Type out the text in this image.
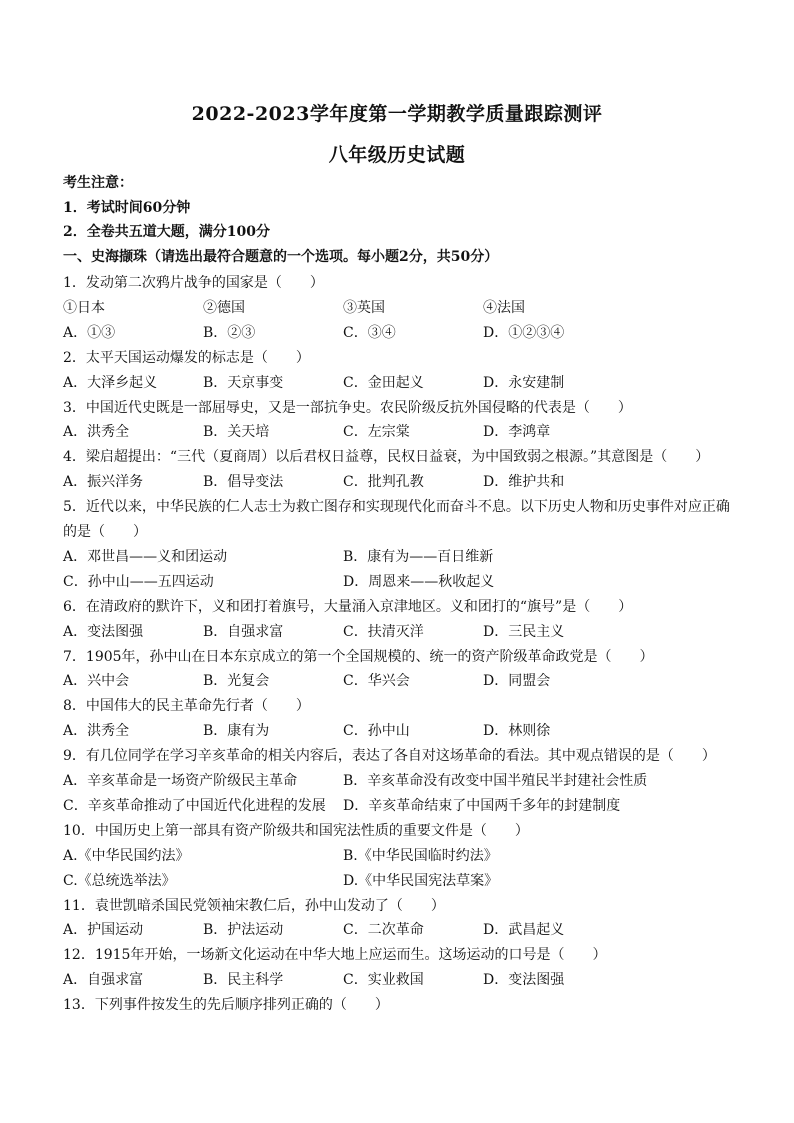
2022-2023学年度第一学期教学质量跟踪测评
八年级历史试题
考生注意：
1．考试时间60分钟
2．全卷共五道大题，满分100分
一、史海撷珠（请选出最符合题意的一个选项。每小题2分，共50分）
1．发动第二次鸦片战争的国家是（　　）
①日本	②德国	③英国	④法国
A．①③	B．②③	C．③④	D．①②③④
2．太平天国运动爆发的标志是（　　）
A．大泽乡起义	B．天京事变	C．金田起义	D．永安建制
3．中国近代史既是一部屈辱史，又是一部抗争史。农民阶级反抗外国侵略的代表是（　　）
A．洪秀全	B．关天培	C．左宗棠	D．李鸿章
4．梁启超提出：“三代（夏商周）以后君权日益尊，民权日益衰，为中国致弱之根源。”其意图是（　　）
A．振兴洋务	B．倡导变法	C．批判孔教	D．维护共和
5．近代以来，中华民族的仁人志士为救亡图存和实现现代化而奋斗不息。以下历史人物和历史事件对应正确
的是（　　）
A．邓世昌——义和团运动	B．康有为——百日维新
C．孙中山——五四运动	D．周恩来——秋收起义
6．在清政府的默许下，义和团打着旗号，大量涌入京津地区。义和团打的“旗号”是（　　）
A．变法图强	B．自强求富	C．扶清灭洋	D．三民主义
7．1905年，孙中山在日本东京成立的第一个全国规模的、统一的资产阶级革命政党是（　　）
A．兴中会	B．光复会	C．华兴会	D．同盟会
8．中国伟大的民主革命先行者（　　）
A．洪秀全	B．康有为	C．孙中山	D．林则徐
9．有几位同学在学习辛亥革命的相关内容后，表达了各自对这场革命的看法。其中观点错误的是（　　）
A．辛亥革命是一场资产阶级民主革命	B．辛亥革命没有改变中国半殖民半封建社会性质
C．辛亥革命推动了中国近代化进程的发展 D．辛亥革命结束了中国两千多年的封建制度
10．中国历史上第一部具有资产阶级共和国宪法性质的重要文件是（　　）
A.《中华民国约法》	B.《中华民国临时约法》
C.《总统选举法》	D.《中华民国宪法草案》
11．袁世凯暗杀国民党领袖宋教仁后，孙中山发动了（　　）
A．护国运动	B．护法运动	C．二次革命	D．武昌起义
12．1915年开始，一场新文化运动在中华大地上应运而生。这场运动的口号是（　　）
A．自强求富	B．民主科学	C．实业救国	D．变法图强
13．下列事件按发生的先后顺序排列正确的（　　）
